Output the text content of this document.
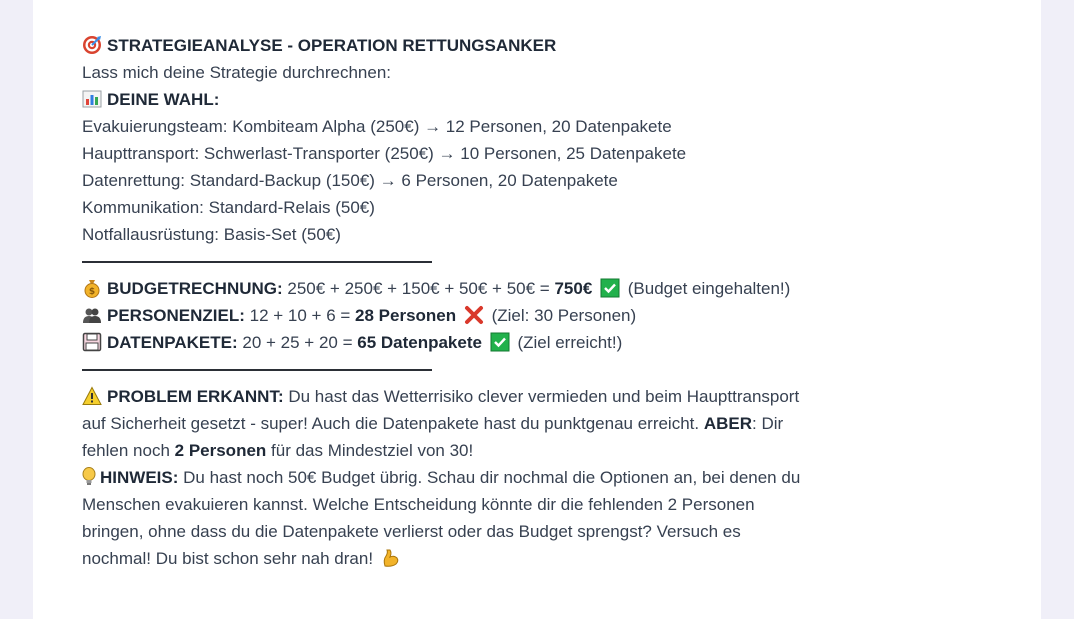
STRATEGIEANALYSE - OPERATION RETTUNGSANKER
Lass mich deine Strategie durchrechnen:
DEINE WAHL:
Evakuierungsteam: Kombiteam Alpha (250€) → 12 Personen, 20 Datenpakete
Haupttransport: Schwerlast-Transporter (250€) → 10 Personen, 25 Datenpakete
Datenrettung: Standard-Backup (150€) → 6 Personen, 20 Datenpakete
Kommunikation: Standard-Relais (50€)
Notfallausrüstung: Basis-Set (50€)
$ BUDGETRECHNUNG: 250€ + 250€ + 150€ + 50€ + 50€ = 750€ (Budget eingehalten!)
PERSONENZIEL: 12 + 10 + 6 = 28 Personen (Ziel: 30 Personen)
DATENPAKETE: 20 + 25 + 20 = 65 Datenpakete (Ziel erreicht!)
PROBLEM ERKANNT: Du hast das Wetterrisiko clever vermieden und beim Haupttransport auf Sicherheit gesetzt - super! Auch die Datenpakete hast du punktgenau erreicht. ABER: Dir fehlen noch 2 Personen für das Mindestziel von 30!
HINWEIS: Du hast noch 50€ Budget übrig. Schau dir nochmal die Optionen an, bei denen du Menschen evakuieren kannst. Welche Entscheidung könnte dir die fehlenden 2 Personen bringen, ohne dass du die Datenpakete verlierst oder das Budget sprengst? Versuch es nochmal! Du bist schon sehr nah dran!
